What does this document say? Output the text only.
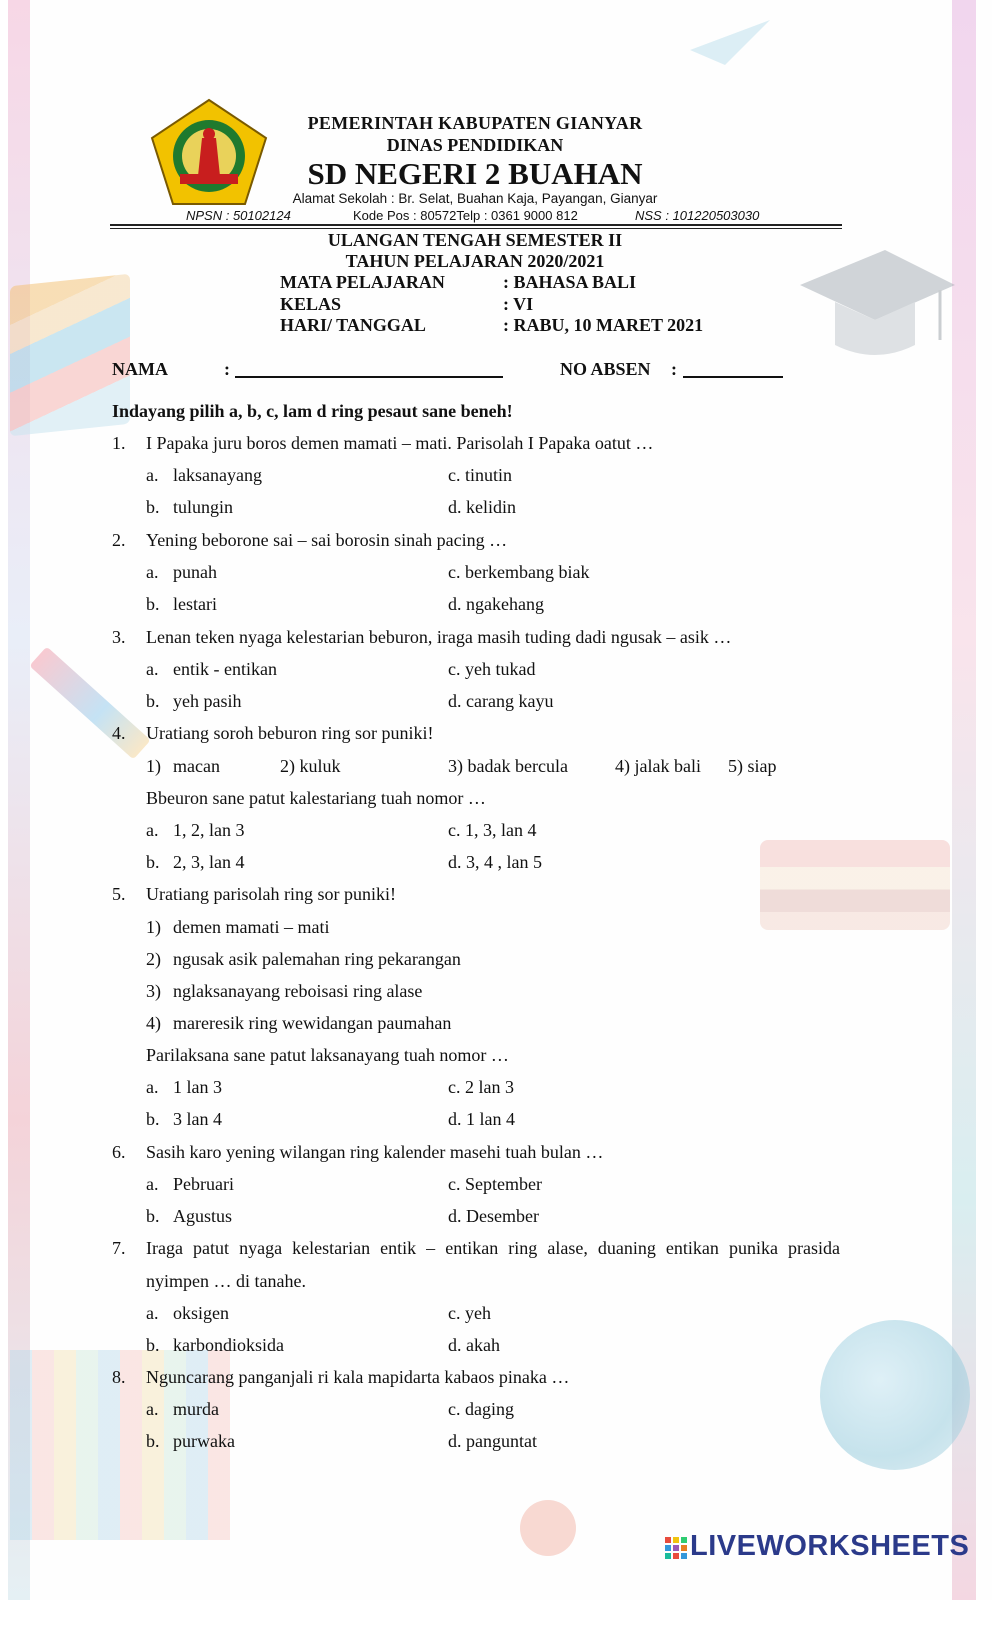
PEMERINTAH KABUPATEN GIANYAR
DINAS PENDIDIKAN
SD NEGERI 2 BUAHAN
Alamat Sekolah : Br. Selat, Buahan Kaja, Payangan, Gianyar
NPSN : 50102124	Kode Pos : 80572Telp : 0361 9000 812	NSS : 101220503030
ULANGAN TENGAH SEMESTER II
TAHUN PELAJARAN 2020/2021
MATA PELAJARAN	: BAHASA BALI
KELAS	: VI
HARI/ TANGGAL	: RABU, 10 MARET 2021
NAMA	:	NO ABSEN :
Indayang pilih a, b, c, lam d ring pesaut sane beneh!
1. I Papaka juru boros demen mamati – mati. Parisolah I Papaka oatut …
a. laksanayang	c. tinutin
b. tulungin	d. kelidin
2. Yening beborone sai – sai borosin sinah pacing …
a. punah	c. berkembang biak
b. lestari	d. ngakehang
3. Lenan teken nyaga kelestarian beburon, iraga masih tuding dadi ngusak – asik …
a. entik - entikan	c. yeh tukad
b. yeh pasih	d. carang kayu
4. Uratiang soroh beburon ring sor puniki!
1) macan	2) kuluk	3) badak bercula	4) jalak bali 5) siap
Bbeuron sane patut kalestariang tuah nomor …
a. 1, 2, lan 3	c. 1, 3, lan 4
b. 2, 3, lan 4	d. 3, 4 , lan 5
5. Uratiang parisolah ring sor puniki!
1) demen mamati – mati
2) ngusak asik palemahan ring pekarangan
3) nglaksanayang reboisasi ring alase
4) mareresik ring wewidangan paumahan
Parilaksana sane patut laksanayang tuah nomor …
a. 1 lan 3	c. 2 lan 3
b. 3 lan 4	d. 1 lan 4
6. Sasih karo yening wilangan ring kalender masehi tuah bulan …
a. Pebruari	c. September
b. Agustus	d. Desember
7. Iraga patut nyaga kelestarian entik – entikan ring alase, duaning entikan punika prasida
nyimpen … di tanahe.
a. oksigen	c. yeh
b. karbondioksida	d. akah
8. Nguncarang panganjali ri kala mapidarta kabaos pinaka …
a. murda	c. daging
b. purwaka	d. panguntat
LIVEWORKSHEETS
